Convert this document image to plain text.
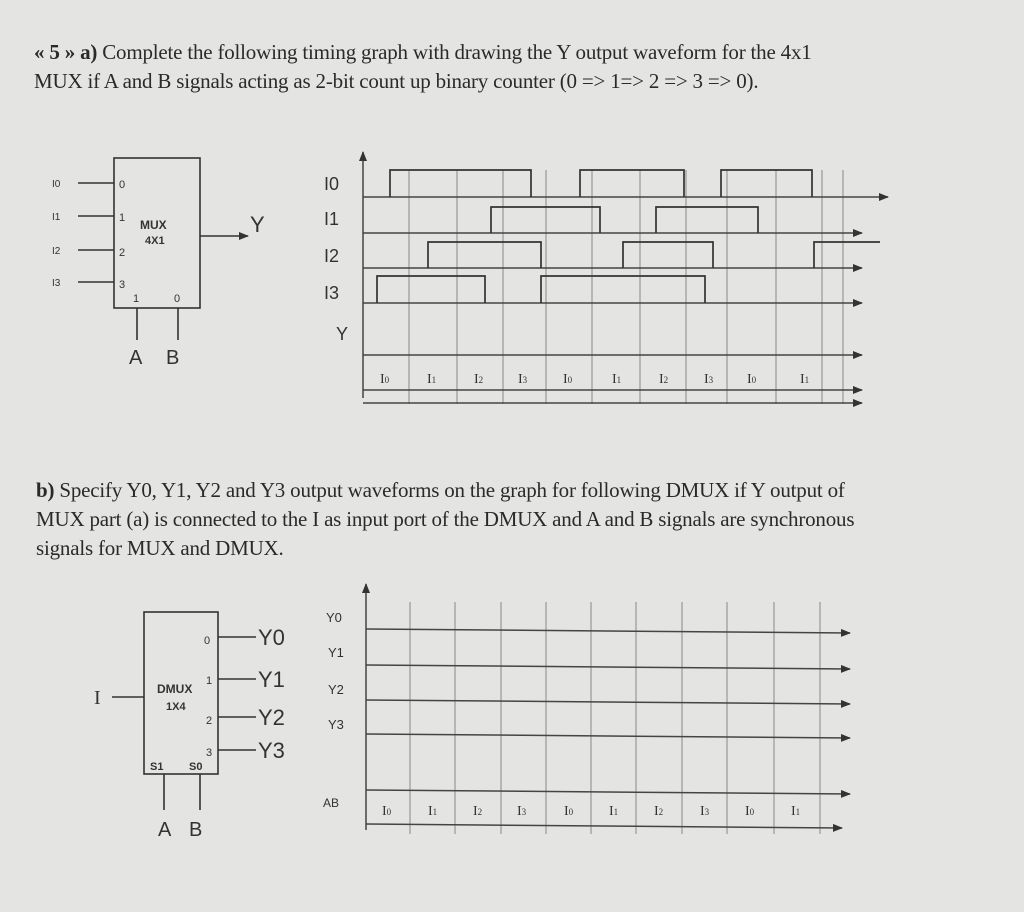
« 5 » a) Complete the following timing graph with drawing the Y output waveform for the 4x1
MUX if A and B signals acting as 2-bit count up binary counter (0 => 1=> 2 => 3 => 0).
b) Specify Y0, Y1, Y2 and Y3 output waveforms on the graph for following DMUX if Y output of
MUX part (a) is connected to the I as input port of the DMUX and A and B signals are synchronous
signals for MUX and DMUX.
I0
I1
I2
I3
0
1
2
3
MUX
4X1
1	0
Y
A B
I0
I1
I2
I3
Y
I0	I1	I2 I3	I0	I1	I2	I3 I0	I1
I	DMUX
1X4
0
1
2
3
Y0
Y1
Y2
Y3
S1 S0
A B
Y0
Y1
Y2
Y3
AB
I0	I1	I2 I3	I0	I1	I2	I3	I0	I1
